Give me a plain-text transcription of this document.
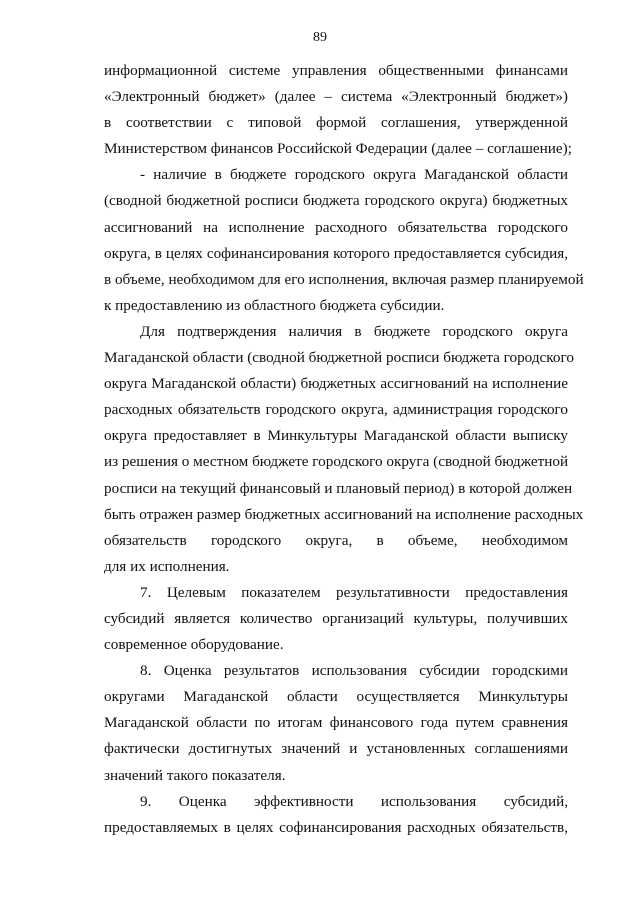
89

информационной системе управления общественными финансами
«Электронный бюджет» (далее – система «Электронный бюджет»)
в соответствии с типовой формой соглашения, утвержденной
Министерством финансов Российской Федерации (далее – соглашение);

- наличие в бюджете городского округа Магаданской области
(сводной бюджетной росписи бюджета городского округа) бюджетных
ассигнований на исполнение расходного обязательства городского
округа, в целях софинансирования которого предоставляется субсидия,
в объеме, необходимом для его исполнения, включая размер планируемой
к предоставлению из областного бюджета субсидии.

Для подтверждения наличия в бюджете городского округа
Магаданской области (сводной бюджетной росписи бюджета городского
округа Магаданской области) бюджетных ассигнований на исполнение
расходных обязательств городского округа, администрация городского
округа предоставляет в Минкультуры Магаданской области выписку
из решения о местном бюджете городского округа (сводной бюджетной
росписи на текущий финансовый и плановый период) в которой должен
быть отражен размер бюджетных ассигнований на исполнение расходных
обязательств городского округа, в объеме, необходимом
для их исполнения.

7. Целевым показателем результативности предоставления
субсидий является количество организаций культуры, получивших
современное оборудование.

8. Оценка результатов использования субсидии городскими
округами Магаданской области осуществляется Минкультуры
Магаданской области по итогам финансового года путем сравнения
фактически достигнутых значений и установленных соглашениями
значений такого показателя.

9. Оценка эффективности использования субсидий,
предоставляемых в целях софинансирования расходных обязательств,
